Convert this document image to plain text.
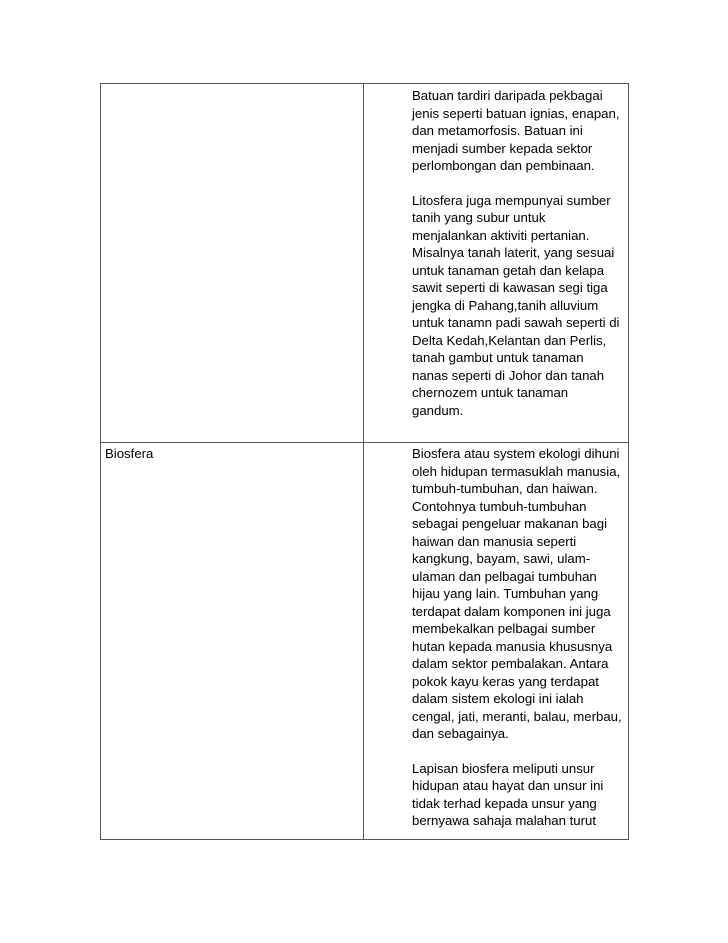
	Batuan tardiri daripada pekbagai jenis seperti batuan ignias, enapan, dan metamorfosis. Batuan ini menjadi sumber kepada sektor perlombongan dan pembinaan.

Litosfera juga mempunyai sumber tanih yang subur untuk menjalankan aktiviti pertanian. Misalnya tanah laterit, yang sesuai untuk tanaman getah dan kelapa sawit seperti di kawasan segi tiga jengka di Pahang,tanih alluvium untuk tanamn padi sawah seperti di Delta Kedah,Kelantan dan Perlis, tanah gambut untuk tanaman nanas seperti di Johor dan tanah chernozem untuk tanaman gandum.

Biosfera	Biosfera atau system ekologi dihuni oleh hidupan termasuklah manusia, tumbuh-tumbuhan, dan haiwan. Contohnya tumbuh-tumbuhan sebagai pengeluar makanan bagi haiwan dan manusia seperti kangkung, bayam, sawi, ulam-ulaman dan pelbagai tumbuhan hijau yang lain. Tumbuhan yang terdapat dalam komponen ini juga membekalkan pelbagai sumber hutan kepada manusia khususnya dalam sektor pembalakan. Antara pokok kayu keras yang terdapat dalam sistem ekologi ini ialah cengal, jati, meranti, balau, merbau, dan sebagainya.

Lapisan biosfera meliputi unsur hidupan atau hayat dan unsur ini tidak terhad kepada unsur yang bernyawa sahaja malahan turut
